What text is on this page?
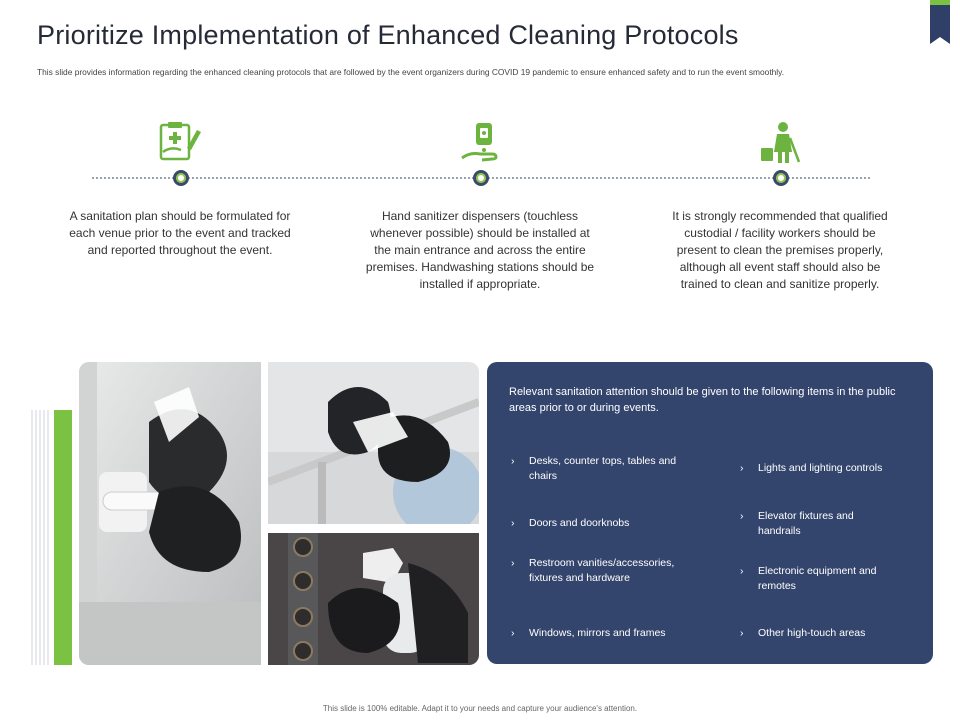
Prioritize Implementation of Enhanced Cleaning Protocols
This slide provides information regarding the enhanced cleaning protocols that are followed by the event organizers during COVID 19 pandemic to ensure enhanced safety and to run the event smoothly.
A sanitation plan should be formulated for each venue prior to the event and tracked and reported throughout the event.
Hand sanitizer dispensers (touchless whenever possible) should be installed at the main entrance and across the entire premises. Handwashing stations should be installed if appropriate.
It is strongly recommended that qualified custodial / facility workers should be present to clean the premises properly, although all event staff should also be trained to clean and sanitize properly.
Relevant sanitation attention should be given to the following items in the public areas prior to or during events.
› Desks, counter tops, tables and chairs
› Doors and doorknobs
› Restroom vanities/accessories, fixtures and hardware
› Windows, mirrors and frames
› Lights and lighting controls
› Elevator fixtures and handrails
› Electronic equipment and remotes
› Other high-touch areas
This slide is 100% editable. Adapt it to your needs and capture your audience's attention.
